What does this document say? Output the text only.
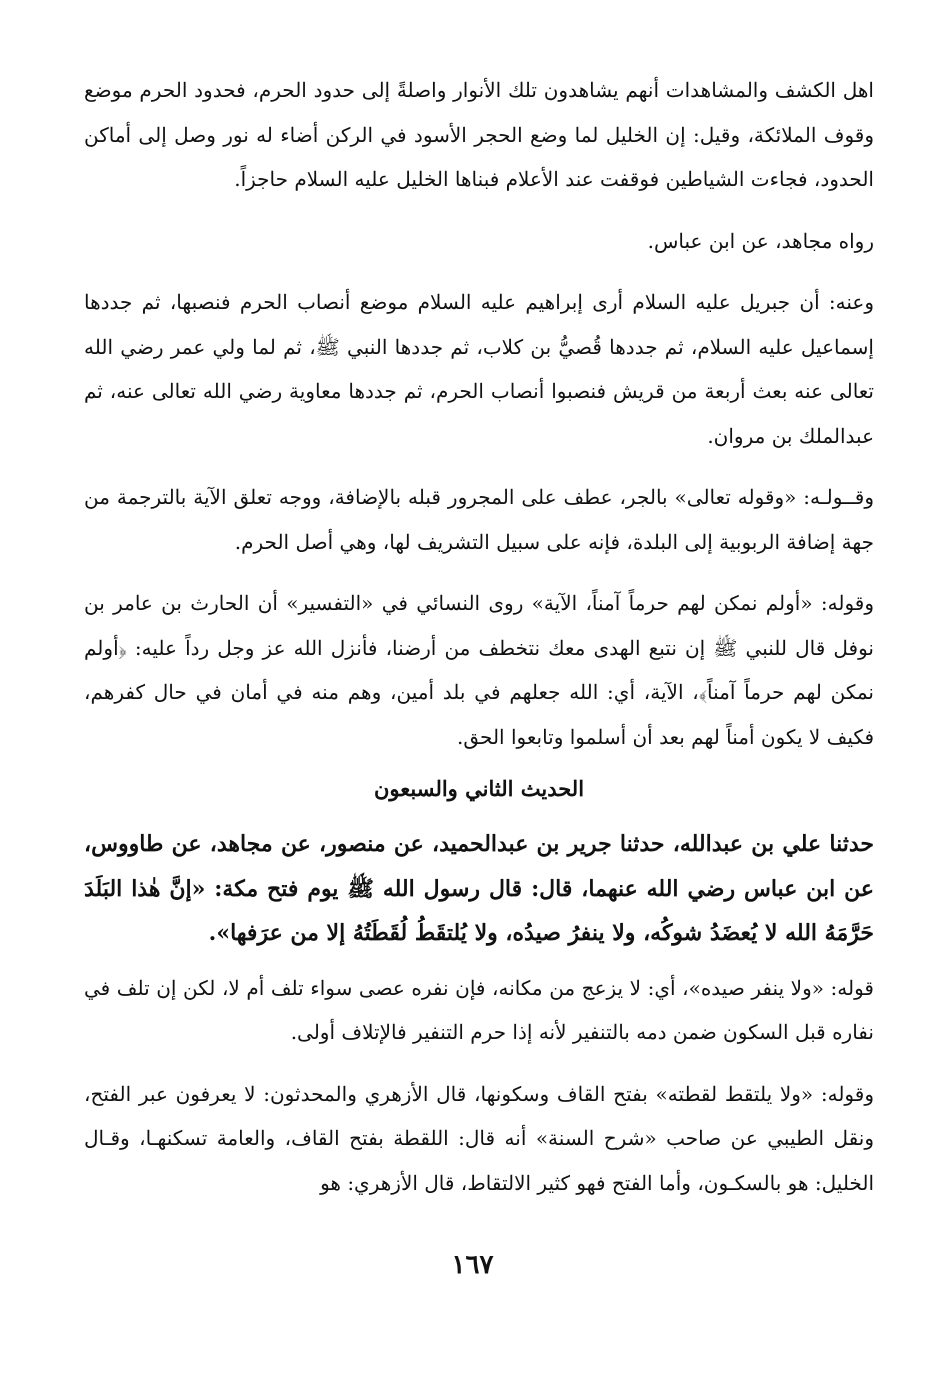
اهل الكشف والمشاهدات أنهم يشاهدون تلك الأنوار واصلةً إلى حدود الحرم، فحدود الحرم موضع وقوف الملائكة، وقيل: إن الخليل لما وضع الحجر الأسود في الركن أضاء له نور وصل إلى أماكن الحدود، فجاءت الشياطين فوقفت عند الأعلام فبناها الخليل عليه السلام حاجزاً.

رواه مجاهد، عن ابن عباس.

وعنه: أن جبريل عليه السلام أرى إبراهيم عليه السلام موضع أنصاب الحرم فنصبها، ثم جددها إسماعيل عليه السلام، ثم جددها قُصيُّ بن كلاب، ثم جددها النبي ﷺ، ثم لما ولي عمر رضي الله تعالى عنه بعث أربعة من قريش فنصبوا أنصاب الحرم، ثم جددها معاوية رضي الله تعالى عنه، ثم عبدالملك بن مروان.

وقــولـه: «وقوله تعالى» بالجر، عطف على المجرور قبله بالإضافة، ووجه تعلق الآية بالترجمة من جهة إضافة الربوبية إلى البلدة، فإنه على سبيل التشريف لها، وهي أصل الحرم.

وقوله: «أولم نمكن لهم حرماً آمناً، الآية» روى النسائي في «التفسير» أن الحارث بن عامر بن نوفل قال للنبي ﷺ إن نتبع الهدى معك نتخطف من أرضنا، فأنزل الله عز وجل رداً عليه: ﴿أولم نمكن لهم حرماً آمناً﴾، الآية، أي: الله جعلهم في بلد أمين، وهم منه في أمان في حال كفرهم، فكيف لا يكون أمناً لهم بعد أن أسلموا وتابعوا الحق.

الحديث الثاني والسبعون

حدثنا علي بن عبدالله، حدثنا جرير بن عبدالحميد، عن منصور، عن مجاهد، عن طاووس، عن ابن عباس رضي الله عنهما، قال: قال رسول الله ﷺ يوم فتح مكة: «إنَّ هٰذا البَلَدَ حَرَّمَهُ الله لا يُعضَدُ شوكُه، ولا ينفرُ صيدُه، ولا يُلتقَطُ لُقَطَتُهُ إلا من عرَفها».

قوله: «ولا ينفر صيده»، أي: لا يزعج من مكانه، فإن نفره عصى سواء تلف أم لا، لكن إن تلف في نفاره قبل السكون ضمن دمه بالتنفير لأنه إذا حرم التنفير فالإتلاف أولى.

وقوله: «ولا يلتقط لقطته» بفتح القاف وسكونها، قال الأزهري والمحدثون: لا يعرفون عبر الفتح، ونقل الطيبي عن صاحب «شرح السنة» أنه قال: اللقطة بفتح القاف، والعامة تسكنهـا، وقـال الخليل: هو بالسكـون، وأما الفتح فهو كثير الالتقاط، قال الأزهري: هو

١٦٧
